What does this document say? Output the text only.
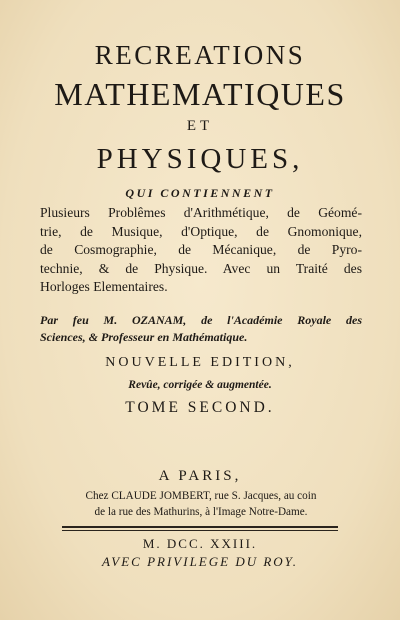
RECREATIONS
MATHEMATIQUES
ET
PHYSIQUES,
QUI CONTIENNENT
Plusieurs Problêmes d'Arithmétique, de Géomé-
trie, de Musique, d'Optique, de Gnomonique,
de Cosmographie, de Mécanique, de Pyro-
technie, & de Physique. Avec un Traité des
Horloges Elementaires.
Par feu M. OZANAM, de l'Académie Royale des
Sciences, & Professeur en Mathématique.
NOUVELLE EDITION,
Revûe, corrigée & augmentée.
TOME SECOND.
A PARIS,
Chez CLAUDE JOMBERT, rue S. Jacques, au coin
de la rue des Mathurins, à l'Image Notre-Dame.
M. DCC. XXIII.
AVEC PRIVILEGE DU ROY.
